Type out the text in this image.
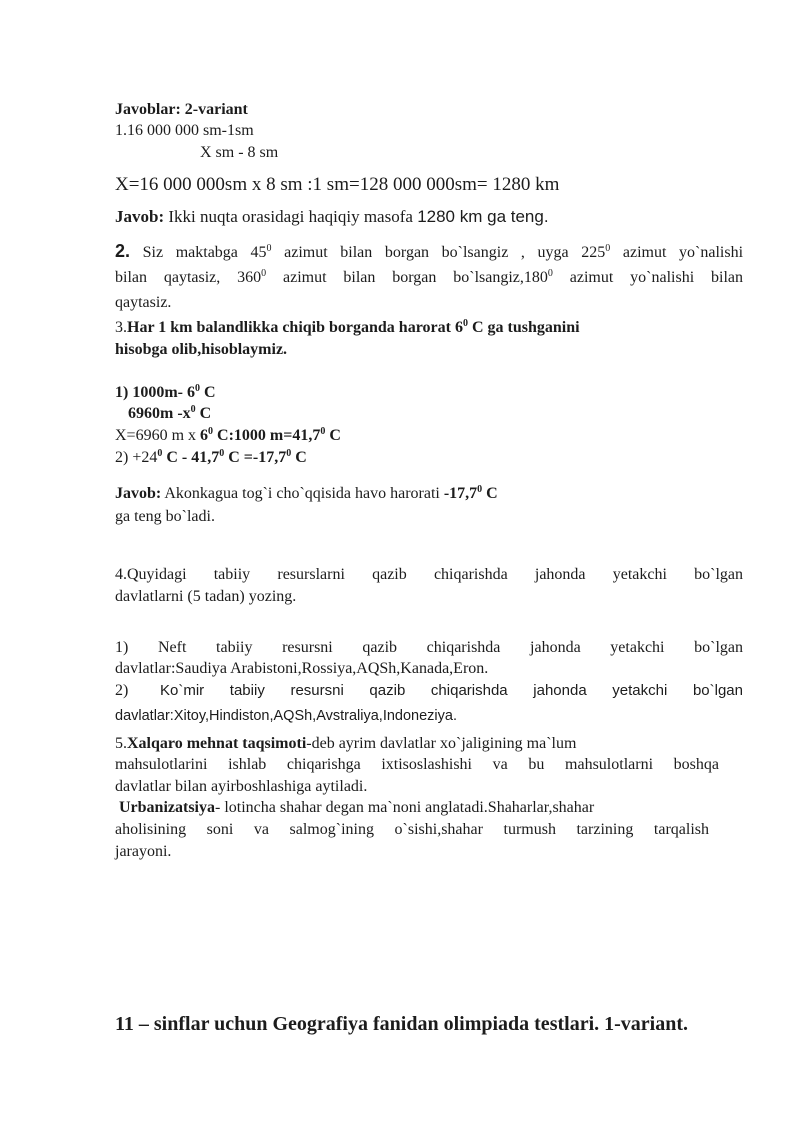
Javoblar: 2-variant
1.16 000 000 sm-1sm
X sm - 8 sm
X=16 000 000sm x 8 sm :1 sm=128 000 000sm= 1280 km
Javob: Ikki nuqta orasidagi haqiqiy masofa 1280 km ga teng.
2. Siz maktabga $45^0$ azimut bilan borgan bo`lsangiz , uyga $225^0$ azimut yo`nalishi
bilan qaytasiz, $360^0$ azimut bilan borgan bo`lsangiz,180$^0$ azimut yo`nalishi bilan
qaytasiz.
3.Har 1 km balandlikka chiqib borganda harorat $6^0$ C ga tushganini
hisobga olib,hisoblaymiz.
1) 1000m- $6^0$ C
6960m $-x^0$ C
X=6960 m x $6^0$ C:1000 $m=41,7^0$ C
$2) +24^0$ C - 41,7$^0$ $C =-17,7^0$ C
Javob: Akonkagua tog`i cho`qqisida havo harorati -17,7$^0$ C
ga teng bo`ladi.
4.Quyidagi tabiiy resurslarni qazib chiqarishda jahonda yetakchi bo`lgan
davlatlarni (5 tadan) yozing.
1) Neft tabiiy resursni qazib chiqarishda jahonda yetakchi bo`lgan
davlatlar:Saudiya Arabistoni,Rossiya,AQSh,Kanada,Eron.
2) Ko`mir tabiiy resursni qazib chiqarishda jahonda yetakchi bo`lgan
davlatlar:Xitoy,Hindiston,AQSh,Avstraliya,Indoneziya.
5.Xalqaro mehnat taqsimoti-deb ayrim davlatlar xo`jaligining ma`lum
mahsulotlarini ishlab chiqarishga ixtisoslashishi va bu mahsulotlarni boshqa
davlatlar bilan ayirboshlashiga aytiladi.
Urbanizatsiya- lotincha shahar degan ma`noni anglatadi.Shaharlar,shahar
aholisining soni va salmog`ining o`sishi,shahar turmush tarzining tarqalish
jarayoni.
11 – sinflar uchun Geografiya fanidan olimpiada testlari. 1-variant.
